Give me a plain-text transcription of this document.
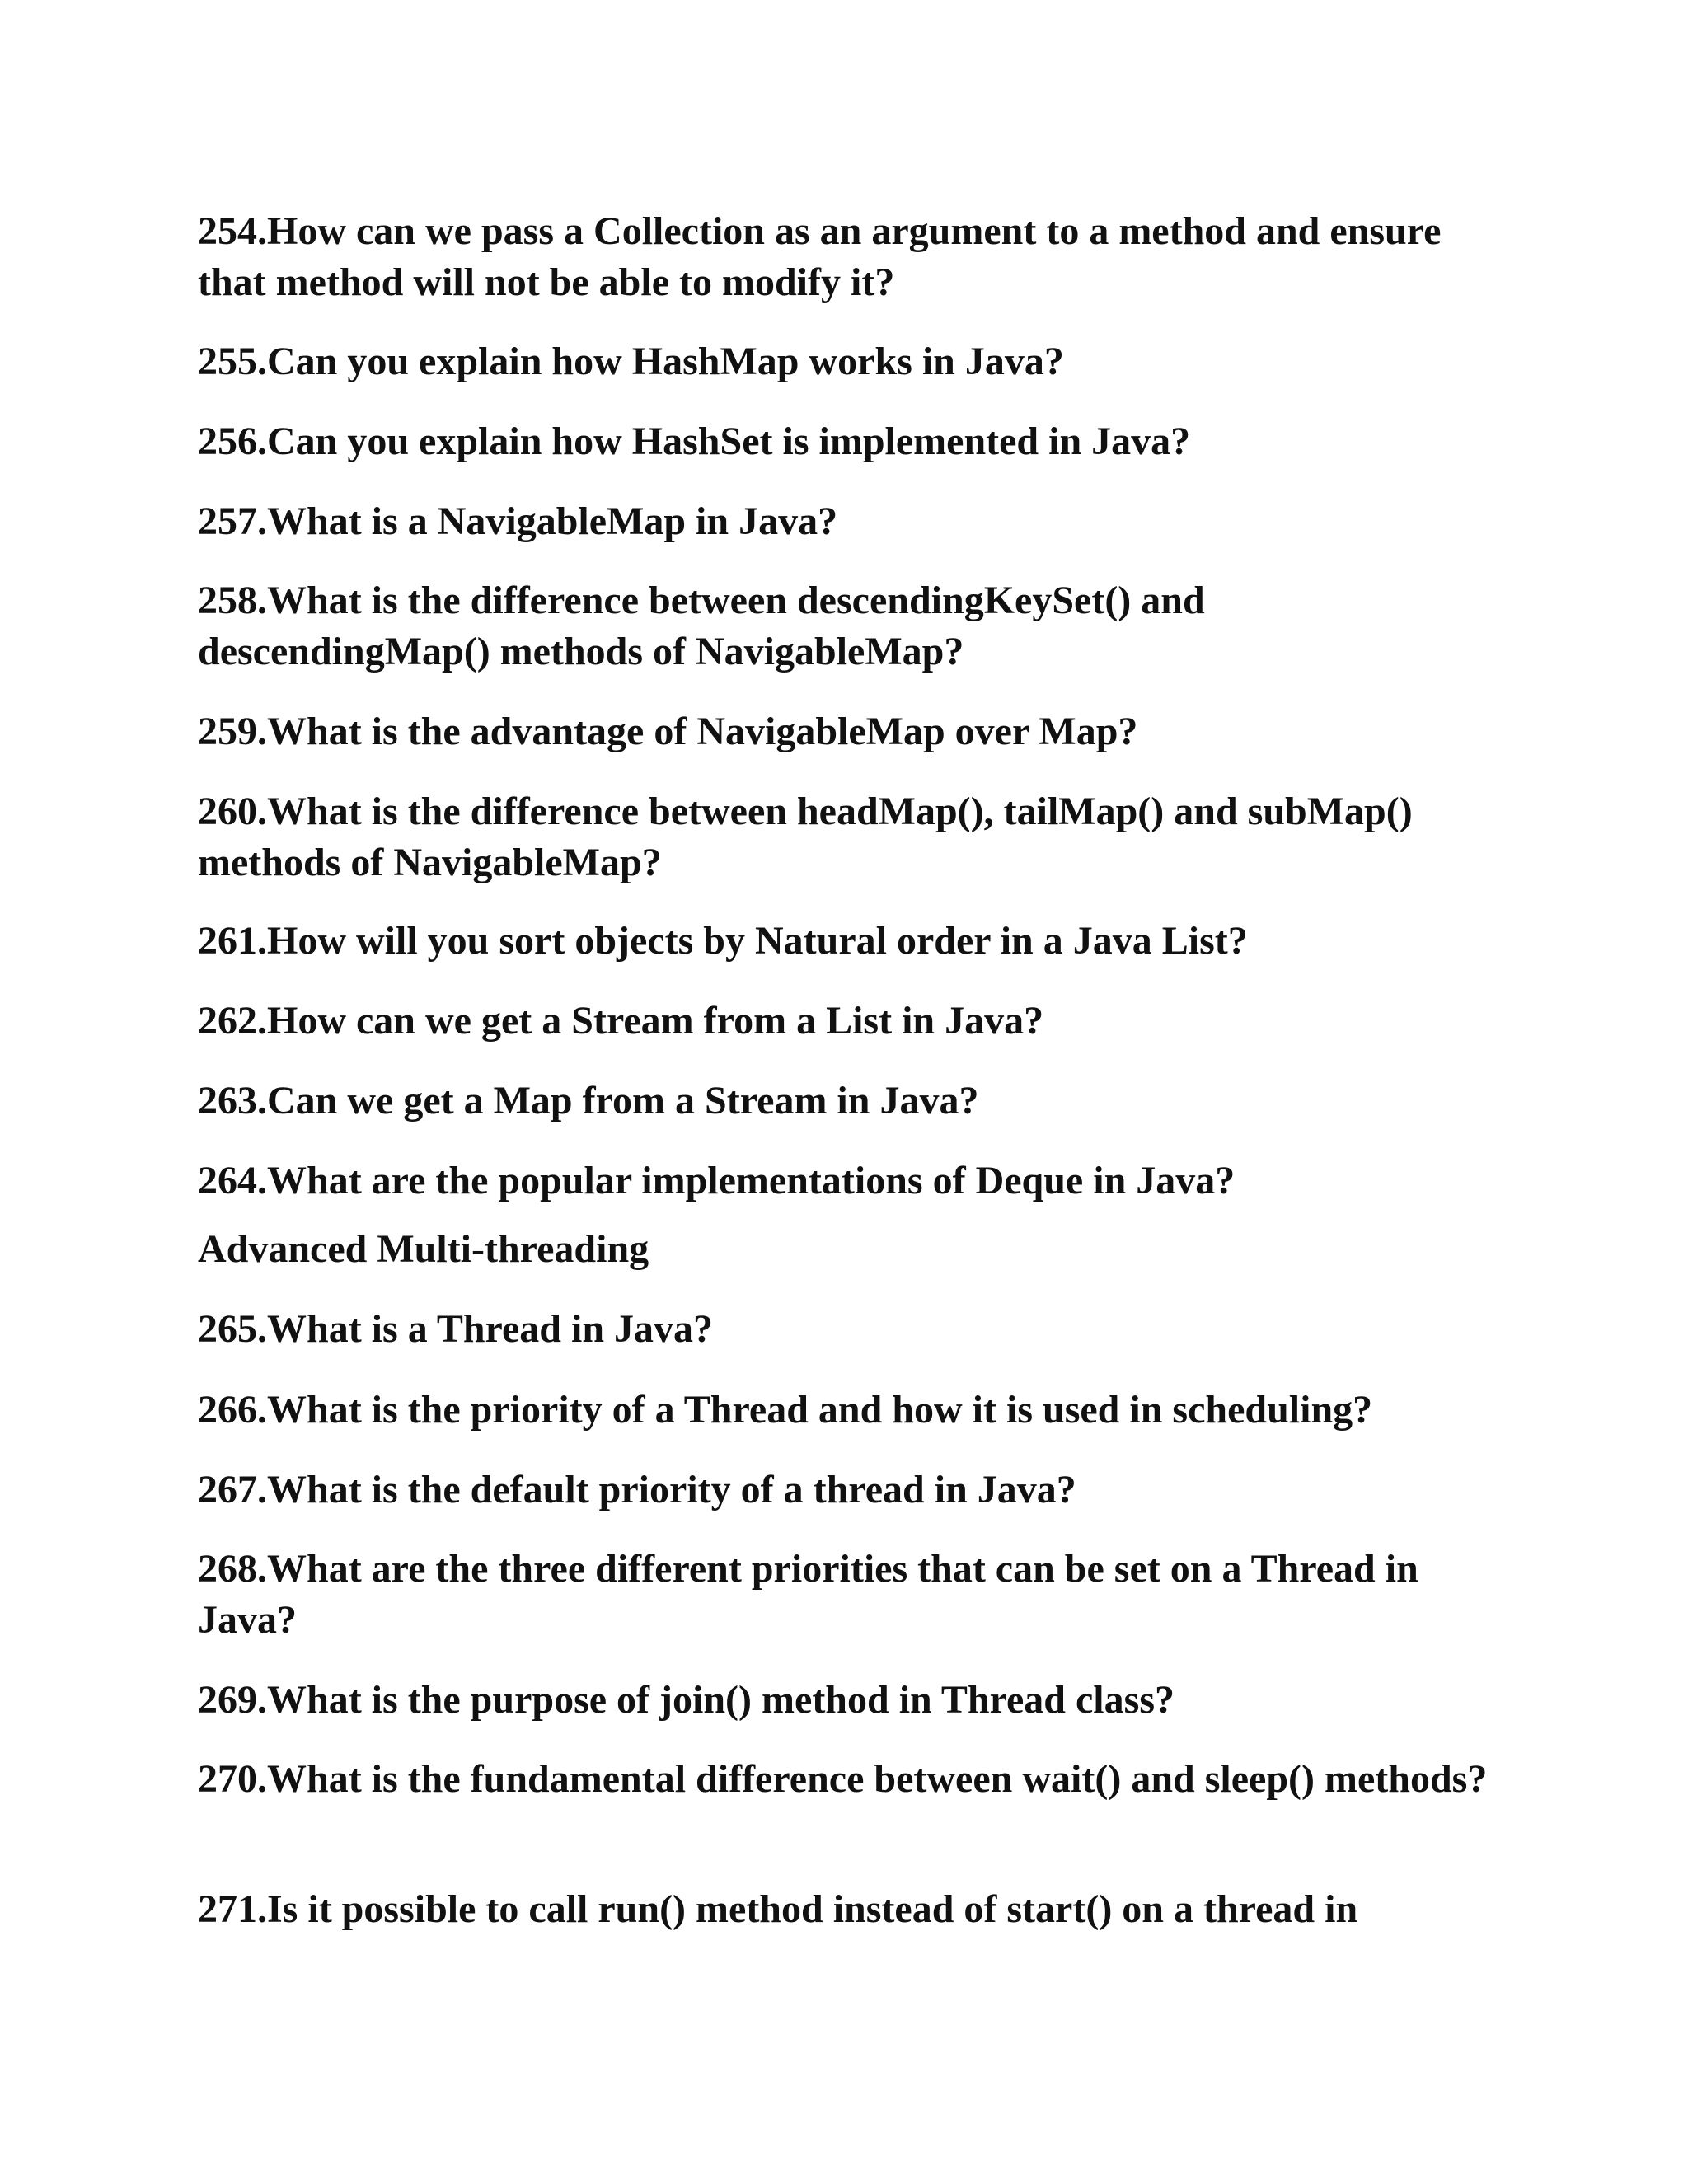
254.How can we pass a Collection as an argument to a method and ensure that method will not be able to modify it?
255.Can you explain how HashMap works in Java?
256.Can you explain how HashSet is implemented in Java?
257.What is a NavigableMap in Java?
258.What is the difference between descendingKeySet() and descendingMap() methods of NavigableMap?
259.What is the advantage of NavigableMap over Map?
260.What is the difference between headMap(), tailMap() and subMap() methods of NavigableMap?
261.How will you sort objects by Natural order in a Java List?
262.How can we get a Stream from a List in Java?
263.Can we get a Map from a Stream in Java?
264.What are the popular implementations of Deque in Java?
Advanced Multi-threading
265.What is a Thread in Java?
266.What is the priority of a Thread and how it is used in scheduling?
267.What is the default priority of a thread in Java?
268.What are the three different priorities that can be set on a Thread in Java?
269.What is the purpose of join() method in Thread class?
270.What is the fundamental difference between wait() and sleep() methods?
271.Is it possible to call run() method instead of start() on a thread in
